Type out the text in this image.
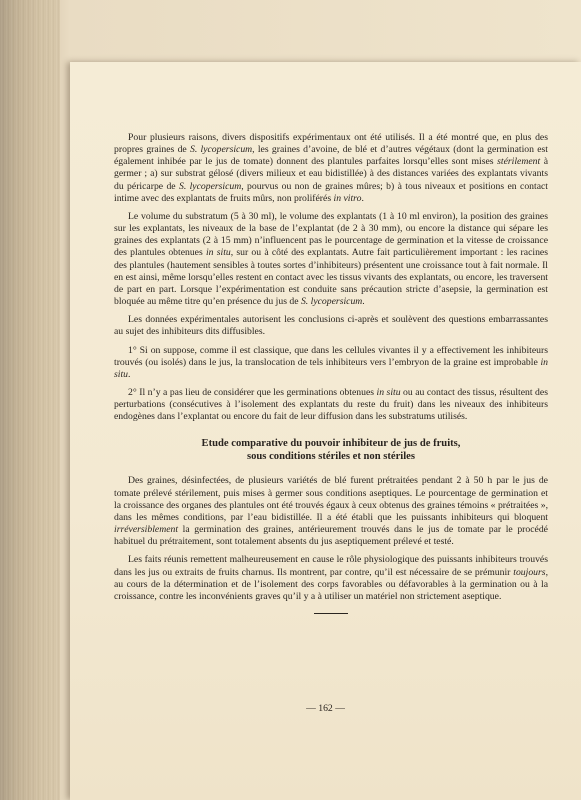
Pour plusieurs raisons, divers dispositifs expérimentaux ont été utilisés. Il a été montré que, en plus des propres graines de S. lycopersicum, les graines d’avoine, de blé et d’autres végétaux (dont la germination est également inhibée par le jus de tomate) donnent des plantules parfaites lorsqu’elles sont mises stérilement à germer ; a) sur substrat gélosé (divers milieux et eau bidistillée) à des distances variées des explantats vivants du péricarpe de S. lycopersicum, pourvus ou non de graines mûres; b) à tous niveaux et positions en contact intime avec des explantats de fruits mûrs, non proliférés in vitro.

Le volume du substratum (5 à 30 ml), le volume des explantats (1 à 10 ml environ), la position des graines sur les explantats, les niveaux de la base de l’explantat (de 2 à 30 mm), ou encore la distance qui sépare les graines des explantats (2 à 15 mm) n’influencent pas le pourcentage de germination et la vitesse de croissance des plantules obtenues in situ, sur ou à côté des explantats. Autre fait particulièrement important : les racines des plantules (hautement sensibles à toutes sortes d’inhibiteurs) présentent une croissance tout à fait normale. Il en est ainsi, même lorsqu’elles restent en contact avec les tissus vivants des explantats, ou encore, les traversent de part en part. Lorsque l’expérimentation est conduite sans précaution stricte d’asepsie, la germination est bloquée au même titre qu’en présence du jus de S. lycopersicum.

Les données expérimentales autorisent les conclusions ci-après et soulèvent des questions embarrassantes au sujet des inhibiteurs dits diffusibles.

1° Si on suppose, comme il est classique, que dans les cellules vivantes il y a effectivement les inhibiteurs trouvés (ou isolés) dans le jus, la translocation de tels inhibiteurs vers l’embryon de la graine est improbable in situ.

2° Il n’y a pas lieu de considérer que les germinations obtenues in situ ou au contact des tissus, résultent des perturbations (consécutives à l’isolement des explantats du reste du fruit) dans les niveaux des inhibiteurs endogènes dans l’explantat ou encore du fait de leur diffusion dans les substratums utilisés.

Etude comparative du pouvoir inhibiteur de jus de fruits,
sous conditions stériles et non stériles

Des graines, désinfectées, de plusieurs variétés de blé furent prétraitées pendant 2 à 50 h par le jus de tomate prélevé stérilement, puis mises à germer sous conditions aseptiques. Le pourcentage de germination et la croissance des organes des plantules ont été trouvés égaux à ceux obtenus des graines témoins « prétraitées », dans les mêmes conditions, par l’eau bidistillée. Il a été établi que les puissants inhibiteurs qui bloquent irréversiblement la germination des graines, antérieurement trouvés dans le jus de tomate par le procédé habituel du prétraitement, sont totalement absents du jus aseptiquement prélevé et testé.

Les faits réunis remettent malheureusement en cause le rôle physiologique des puissants inhibiteurs trouvés dans les jus ou extraits de fruits charnus. Ils montrent, par contre, qu’il est nécessaire de se prémunir toujours, au cours de la détermination et de l’isolement des corps favorables ou défavorables à la germination ou à la croissance, contre les inconvénients graves qu’il y a à utiliser un matériel non strictement aseptique.

— 162 —
